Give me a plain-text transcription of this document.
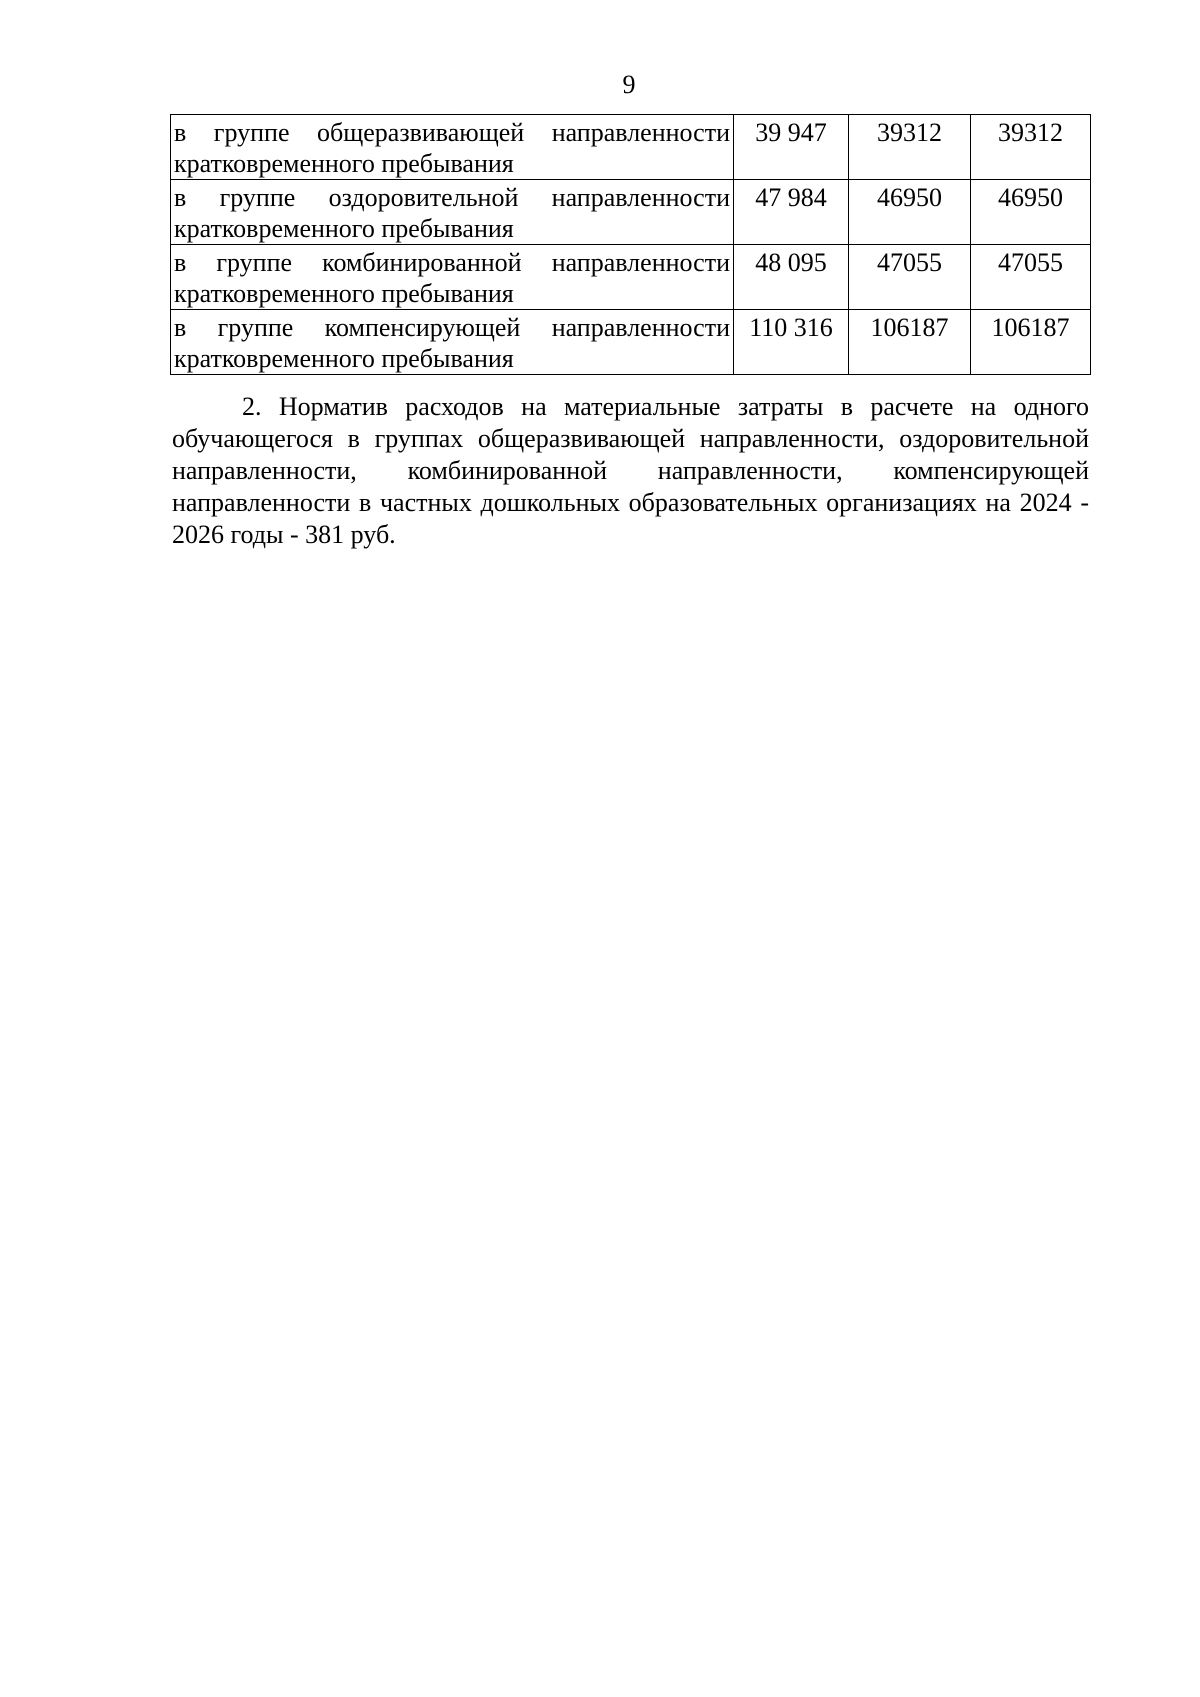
9
в группе общеразвивающей направленности кратковременного пребывания	39 947	39312	39312
в группе оздоровительной направленности кратковременного пребывания	47 984	46950	46950
в группе комбинированной направленности кратковременного пребывания	48 095	47055	47055
в группе компенсирующей направленности кратковременного пребывания	110 316	106187	106187

2. Норматив расходов на материальные затраты в расчете на одного обучающегося в группах общеразвивающей направленности, оздоровительной направленности, комбинированной направленности, компенсирующей направленности в частных дошкольных образовательных организациях на 2024 - 2026 годы - 381 руб.
